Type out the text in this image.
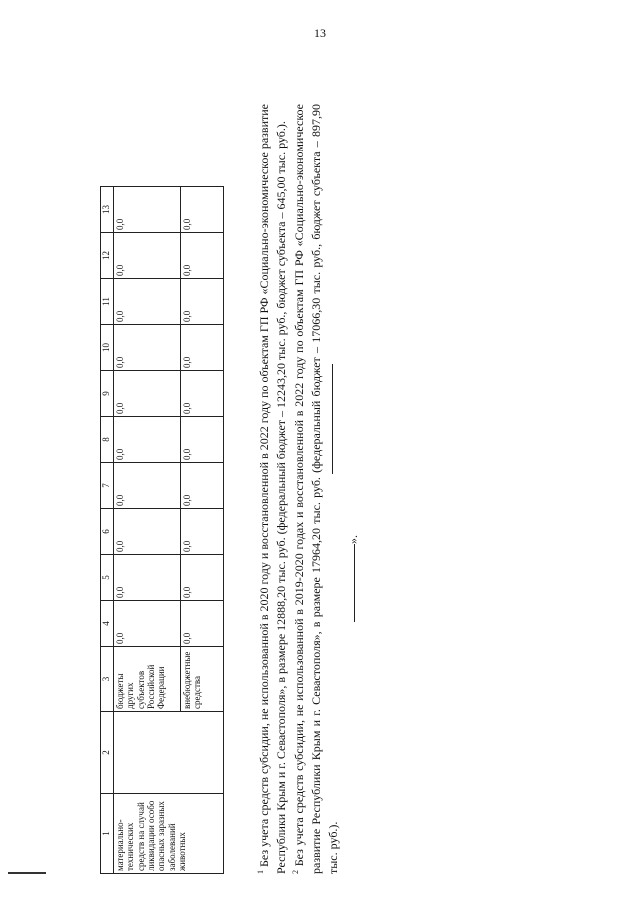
13
1	2	3	4	5	6	7	8	9	10	11	12	13
материально-технических средств на случай ликвидации особо опасных заразных заболеваний животных		бюджеты других субъектов Российской Федерации	0,0	0,0	0,0	0,0	0,0	0,0	0,0	0,0	0,0	0,0
		внебюджетные средства	0,0	0,0	0,0	0,0	0,0	0,0	0,0	0,0	0,0	0,0

$^1$ Без учета средств субсидии, не использованной в 2020 году и восстановленной в 2022 году по объектам ГП РФ «Социально-экономическое развитие Республики Крым и г. Севастополя», в размере 12888,20 тыс. руб. (федеральный бюджет – 12243,20 тыс. руб., бюджет субъекта – 645,00 тыс. руб.). $^2$ Без учета средств субсидии, не использованной в 2019-2020 годах и восстановленной в 2022 году по объектам ГП РФ «Социально-экономическое развитие Республики Крым и г. Севастополя», в размере 17964,20 тыс. руб. (федеральный бюджет – 17066,30 тыс. руб., бюджет субъекта – 897,90 тыс. руб.).

».
